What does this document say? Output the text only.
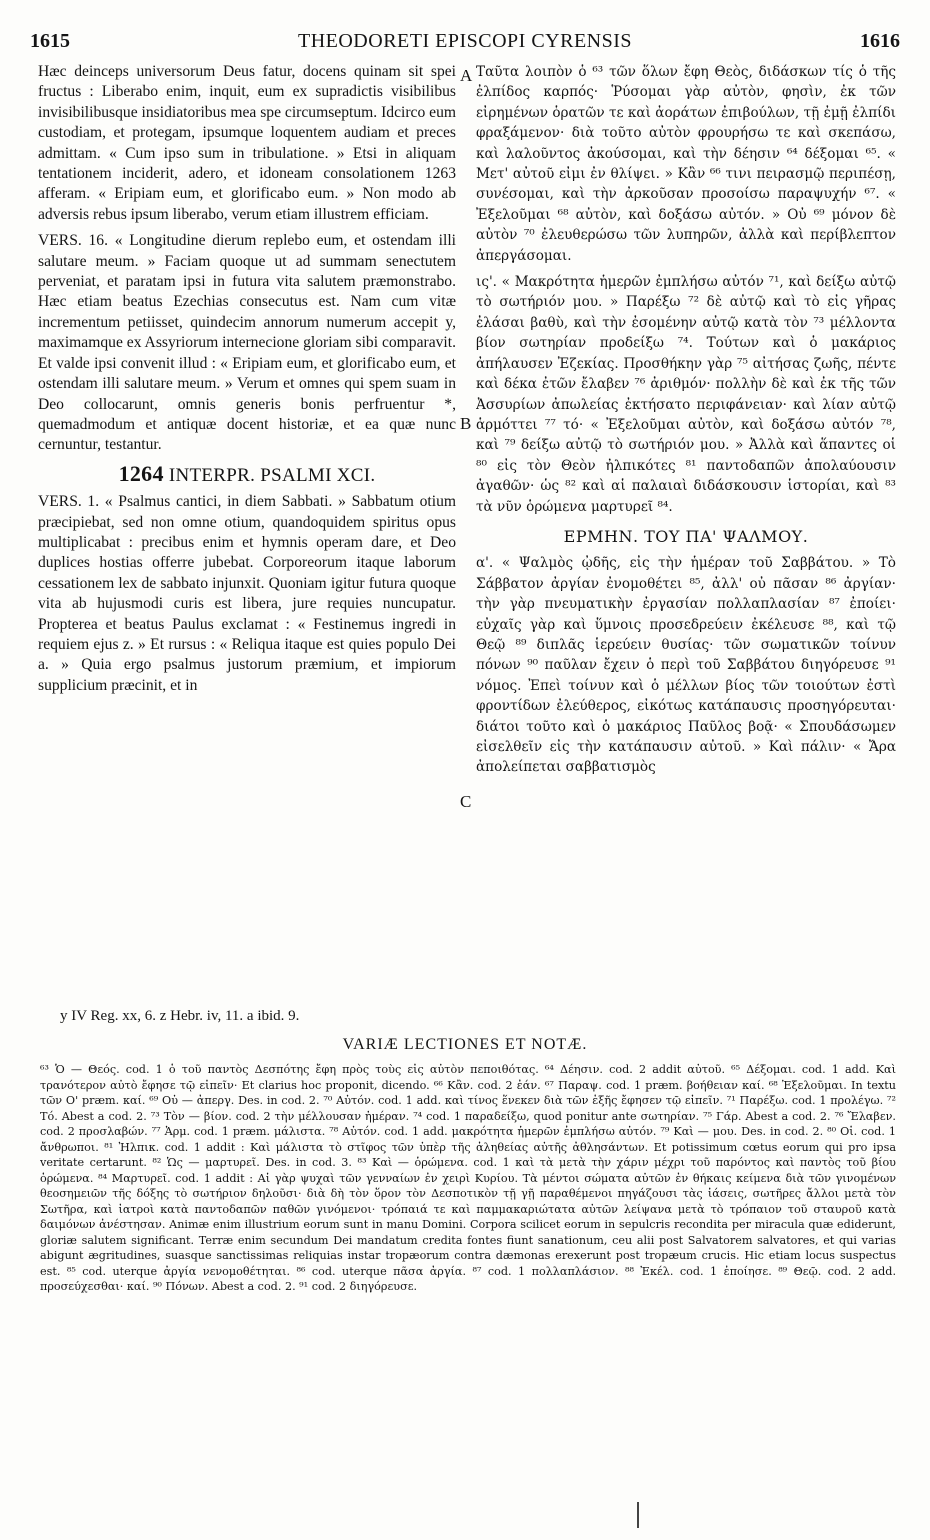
1615	THEODORETI EPISCOPI CYRENSIS	1616
A
B
C

Hæc deinceps universorum Deus fatur, docens quinam sit spei fructus : Liberabo enim, inquit, eum ex supradictis visibilibus invisibilibusque insidiatoribus mea spe circumseptum. Idcirco eum custodiam, et protegam, ipsumque loquentem audiam et preces admittam. « Cum ipso sum in tribulatione. » Etsi in aliquam tentationem inciderit, adero, et idoneam consolationem 1263 afferam. « Eripiam eum, et glorificabo eum. » Non modo ab adversis rebus ipsum liberabo, verum etiam illustrem efficiam.

VERS. 16. « Longitudine dierum replebo eum, et ostendam illi salutare meum. » Faciam quoque ut ad summam senectutem perveniat, et paratam ipsi in futura vita salutem præmonstrabo. Hæc etiam beatus Ezechias consecutus est. Nam cum vitæ incrementum petiisset, quindecim annorum numerum accepit y, maximamque ex Assyriorum internecione gloriam sibi comparavit. Et valde ipsi convenit illud : « Eripiam eum, et glorificabo eum, et ostendam illi salutare meum. » Verum et omnes qui spem suam in Deo collocarunt, omnis generis bonis perfruentur *, quemadmodum et antiquæ docent historiæ, et ea quæ nunc cernuntur, testantur.

1264 INTERPR. PSALMI XCI.

VERS. 1. « Psalmus cantici, in diem Sabbati. » Sabbatum otium præcipiebat, sed non omne otium, quandoquidem spiritus opus multiplicabat : precibus enim et hymnis operam dare, et Deo duplices hostias offerre jubebat. Corporeorum itaque laborum cessationem lex de sabbato injunxit. Quoniam igitur futura quoque vita ab hujusmodi curis est libera, jure requies nuncupatur. Propterea et beatus Paulus exclamat : « Festinemus ingredi in requiem ejus z. » Et rursus : « Reliqua itaque est quies populo Dei a. » Quia ergo psalmus justorum præmium, et impiorum supplicium præcinit, et in

Ταῦτα λοιπὸν ὁ ⁶³ τῶν ὅλων ἔφη Θεὸς, διδάσκων τίς ὁ τῆς ἐλπίδος καρπός· Ῥύσομαι γὰρ αὐτὸν, φησὶν, ἐκ τῶν εἰρημένων ὁρατῶν τε καὶ ἀοράτων ἐπιβούλων, τῇ ἐμῇ ἐλπίδι φραξάμενον· διὰ τοῦτο αὐτὸν φρουρήσω τε καὶ σκεπάσω, καὶ λαλοῦντος ἀκούσομαι, καὶ τὴν δέησιν ⁶⁴ δέξομαι ⁶⁵. « Μετ' αὐτοῦ εἰμι ἐν θλίψει. » Κἂν ⁶⁶ τινι πειρασμῷ περιπέσῃ, συνέσομαι, καὶ τὴν ἀρκοῦσαν προσοίσω παραψυχήν ⁶⁷. « Ἐξελοῦμαι ⁶⁸ αὐτὸν, καὶ δοξάσω αὐτόν. » Οὐ ⁶⁹ μόνον δὲ αὐτὸν ⁷⁰ ἐλευθερώσω τῶν λυπηρῶν, ἀλλὰ καὶ περίβλεπτον ἀπεργάσομαι.

ις'. « Μακρότητα ἡμερῶν ἐμπλήσω αὐτόν ⁷¹, καὶ δείξω αὐτῷ τὸ σωτήριόν μου. » Παρέξω ⁷² δὲ αὐτῷ καὶ τὸ εἰς γῆρας ἐλάσαι βαθὺ, καὶ τὴν ἐσομένην αὐτῷ κατὰ τὸν ⁷³ μέλλοντα βίον σωτηρίαν προδείξω ⁷⁴. Τούτων καὶ ὁ μακάριος ἀπήλαυσεν Ἐζεκίας. Προσθήκην γὰρ ⁷⁵ αἰτήσας ζωῆς, πέντε καὶ δέκα ἐτῶν ἔλαβεν ⁷⁶ ἀριθμόν· πολλὴν δὲ καὶ ἐκ τῆς τῶν Ἀσσυρίων ἀπωλείας ἐκτήσατο περιφάνειαν· καὶ λίαν αὐτῷ ἁρμόττει ⁷⁷ τό· « Ἐξελοῦμαι αὐτὸν, καὶ δοξάσω αὐτόν ⁷⁸, καὶ ⁷⁹ δείξω αὐτῷ τὸ σωτήριόν μου. » Ἀλλὰ καὶ ἅπαντες οἱ ⁸⁰ εἰς τὸν Θεὸν ἠλπικότες ⁸¹ παντοδαπῶν ἀπολαύουσιν ἀγαθῶν· ὡς ⁸² καὶ αἱ παλαιαὶ διδάσκουσιν ἱστορίαι, καὶ ⁸³ τὰ νῦν ὁρώμενα μαρτυρεῖ ⁸⁴.

ΕΡΜΗΝ. ΤΟΥ ΠΑ' ΨΑΛΜΟΥ.

α'. « Ψαλμὸς ᾠδῆς, εἰς τὴν ἡμέραν τοῦ Σαββάτου. » Τὸ Σάββατον ἀργίαν ἐνομοθέτει ⁸⁵, ἀλλ' οὐ πᾶσαν ⁸⁶ ἀργίαν· τὴν γὰρ πνευματικὴν ἐργασίαν πολλαπλασίαν ⁸⁷ ἐποίει· εὐχαῖς γὰρ καὶ ὕμνοις προσεδρεύειν ἐκέλευσε ⁸⁸, καὶ τῷ Θεῷ ⁸⁹ διπλᾶς ἱερεύειν θυσίας· τῶν σωματικῶν τοίνυν πόνων ⁹⁰ παῦλαν ἔχειν ὁ περὶ τοῦ Σαββάτου διηγόρευσε ⁹¹ νόμος. Ἐπεὶ τοίνυν καὶ ὁ μέλλων βίος τῶν τοιούτων ἐστὶ φροντίδων ἐλεύθερος, εἰκότως κατάπαυσις προσηγόρευται· διάτοι τοῦτο καὶ ὁ μακάριος Παῦλος βοᾷ· « Σπουδάσωμεν εἰσελθεῖν εἰς τὴν κατάπαυσιν αὐτοῦ. » Καὶ πάλιν· « Ἄρα ἀπολείπεται σαββατισμὸς

y IV Reg. xx, 6. z Hebr. iv, 11. a ibid. 9.
VARIÆ LECTIONES ET NOTÆ.
⁶³ Ὁ — Θεός. cod. 1 ὁ τοῦ παντὸς Δεσπότης ἔφη πρὸς τοὺς εἰς αὐτὸν πεποιθότας. ⁶⁴ Δέησιν. cod. 2 addit αὐτοῦ. ⁶⁵ Δέξομαι. cod. 1 add. Καὶ τρανότερον αὐτὸ ἔφησε τῷ εἰπεῖν· Et clarius hoc proponit, dicendo. ⁶⁶ Κἂν. cod. 2 ἐάν. ⁶⁷ Παραψ. cod. 1 præm. βοήθειαν καί. ⁶⁸ Ἐξελοῦμαι. In textu τῶν Ο' præm. καί. ⁶⁹ Οὐ — ἀπεργ. Des. in cod. 2. ⁷⁰ Αὐτόν. cod. 1 add. καὶ τίνος ἕνεκεν διὰ τῶν ἑξῆς ἔφησεν τῷ εἰπεῖν. ⁷¹ Παρέξω. cod. 1 προλέγω. ⁷² Τό. Abest a cod. 2. ⁷³ Τὸν — βίον. cod. 2 τὴν μέλλουσαν ἡμέραν. ⁷⁴ cod. 1 παραδείξω, quod ponitur ante σωτηρίαν. ⁷⁵ Γάρ. Abest a cod. 2. ⁷⁶ Ἔλαβεν. cod. 2 προσλαβών. ⁷⁷ Ἁρμ. cod. 1 præm. μάλιστα. ⁷⁸ Αὐτόν. cod. 1 add. μακρότητα ἡμερῶν ἐμπλήσω αὐτόν. ⁷⁹ Καὶ — μου. Des. in cod. 2. ⁸⁰ Οἱ. cod. 1 ἄνθρωποι. ⁸¹ Ἠλπικ. cod. 1 addit : Καὶ μάλιστα τὸ στῖφος τῶν ὑπὲρ τῆς ἀληθείας αὐτῆς ἀθλησάντων. Et potissimum cœtus eorum qui pro ipsa veritate certarunt. ⁸² Ὡς — μαρτυρεῖ. Des. in cod. 3. ⁸³ Καὶ — ὁρώμενα. cod. 1 καὶ τὰ μετὰ τὴν χάριν μέχρι τοῦ παρόντος καὶ παντὸς τοῦ βίου ὁρώμενα. ⁸⁴ Μαρτυρεῖ. cod. 1 addit : Αἱ γὰρ ψυχαὶ τῶν γενναίων ἐν χειρὶ Κυρίου. Τὰ μέντοι σώματα αὐτῶν ἐν θήκαις κείμενα διὰ τῶν γινομένων θεοσημειῶν τῆς δόξης τὸ σωτήριον δηλοῦσι· διὰ δὴ τὸν ὅρον τὸν Δεσποτικὸν τῇ γῇ παραθέμενοι πηγάζουσι τὰς ἰάσεις, σωτῆρες ἄλλοι μετὰ τὸν Σωτῆρα, καὶ ἰατροὶ κατὰ παντοδαπῶν παθῶν γινόμενοι· τρόπαιά τε καὶ παμμακαριώτατα αὐτῶν λείψανα μετὰ τὸ τρόπαιον τοῦ σταυροῦ κατὰ δαιμόνων ἀνέστησαν. Animæ enim illustrium eorum sunt in manu Domini. Corpora scilicet eorum in sepulcris recondita per miracula quæ ediderunt, gloriæ salutem significant. Terræ enim secundum Dei mandatum credita fontes fiunt sanationum, ceu alii post Salvatorem salvatores, et qui varias abigunt ægritudines, suasque sanctissimas reliquias instar tropæorum contra dæmonas erexerunt post tropæum crucis. Hic etiam locus suspectus est. ⁸⁵ cod. uterque ἀργία νενομοθέτηται. ⁸⁶ cod. uterque πᾶσα ἀργία. ⁸⁷ cod. 1 πολλαπλάσιον. ⁸⁸ Ἐκέλ. cod. 1 ἐποίησε. ⁸⁹ Θεῷ. cod. 2 add. προσεύχεσθαι· καί. ⁹⁰ Πόνων. Abest a cod. 2. ⁹¹ cod. 2 διηγόρευσε.
